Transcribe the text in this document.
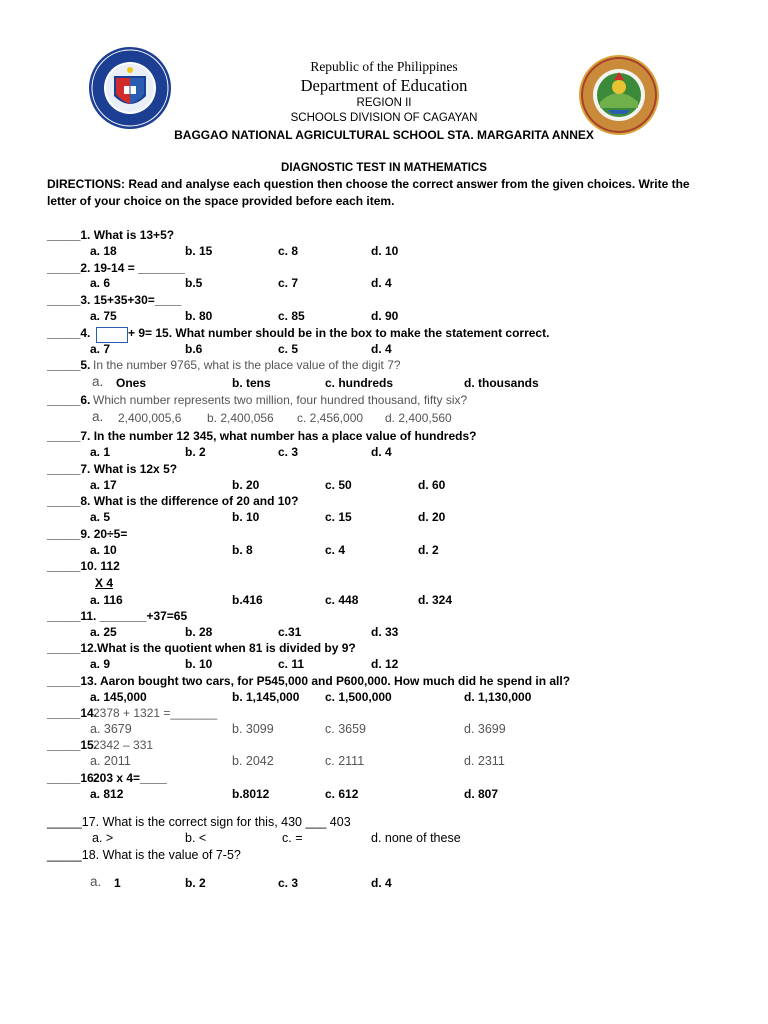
Republic of the Philippines
Department of Education
REGION II
SCHOOLS DIVISION OF CAGAYAN
BAGGAO NATIONAL AGRICULTURAL SCHOOL STA. MARGARITA ANNEX
DIAGNOSTIC TEST IN MATHEMATICS
DIRECTIONS: Read and analyse each question then choose the correct answer from the given choices. Write the
letter of your choice on the space provided before each item.
_____1. What is 13+5?
a. 18	b. 15	c. 8	d. 10
_____2. 19-14 = _______
a. 6	b.5	c. 7	d. 4
_____3. 15+35+30=____
a. 75	b. 80	c. 85	d. 90
_____4.	+ 9= 15. What number should be in the box to make the statement correct.
a. 7	b.6	c. 5	d. 4
_____5. In the number 9765, what is the place value of the digit 7?
a. Ones	b. tens	c. hundreds	d. thousands
_____6. Which number represents two million, four hundred thousand, fifty six?
a. 2,400,005,6 b. 2,400,056 c. 2,456,000 d. 2,400,560
_____7. In the number 12 345, what number has a place value of hundreds?
a. 1	b. 2	c. 3	d. 4
_____7. What is 12x 5?
a. 17	b. 20	c. 50	d. 60
_____8. What is the difference of 20 and 10?
a. 5	b. 10	c. 15	d. 20
_____9. 20÷5=
a. 10	b. 8	c. 4	d. 2
_____10. 112
X 4
a. 116	b.416	c. 448	d. 324
_____11. _______+37=65
a. 25	b. 28	c.31	d. 33
_____12.What is the quotient when 81 is divided by 9?
a. 9	b. 10	c. 11	d. 12
_____13. Aaron bought two cars, for P545,000 and P600,000. How much did he spend in all?
a. 145,000	b. 1,145,000 c. 1,500,000	d. 1,130,000
_____14.
2378 + 1321 =_______
a. 3679	b. 3099	c. 3659	d. 3699
_____15.
2342 – 331
a. 2011	b. 2042	c. 2111	d. 2311
_____16.
203 x 4=____
a. 812	b.8012	c. 612	d. 807
_____17. What is the correct sign for this, 430 ___ 403
a. >	b. <	c. =	d. none of these
_____18. What is the value of 7-5?
a. 1	b. 2	c. 3	d. 4
